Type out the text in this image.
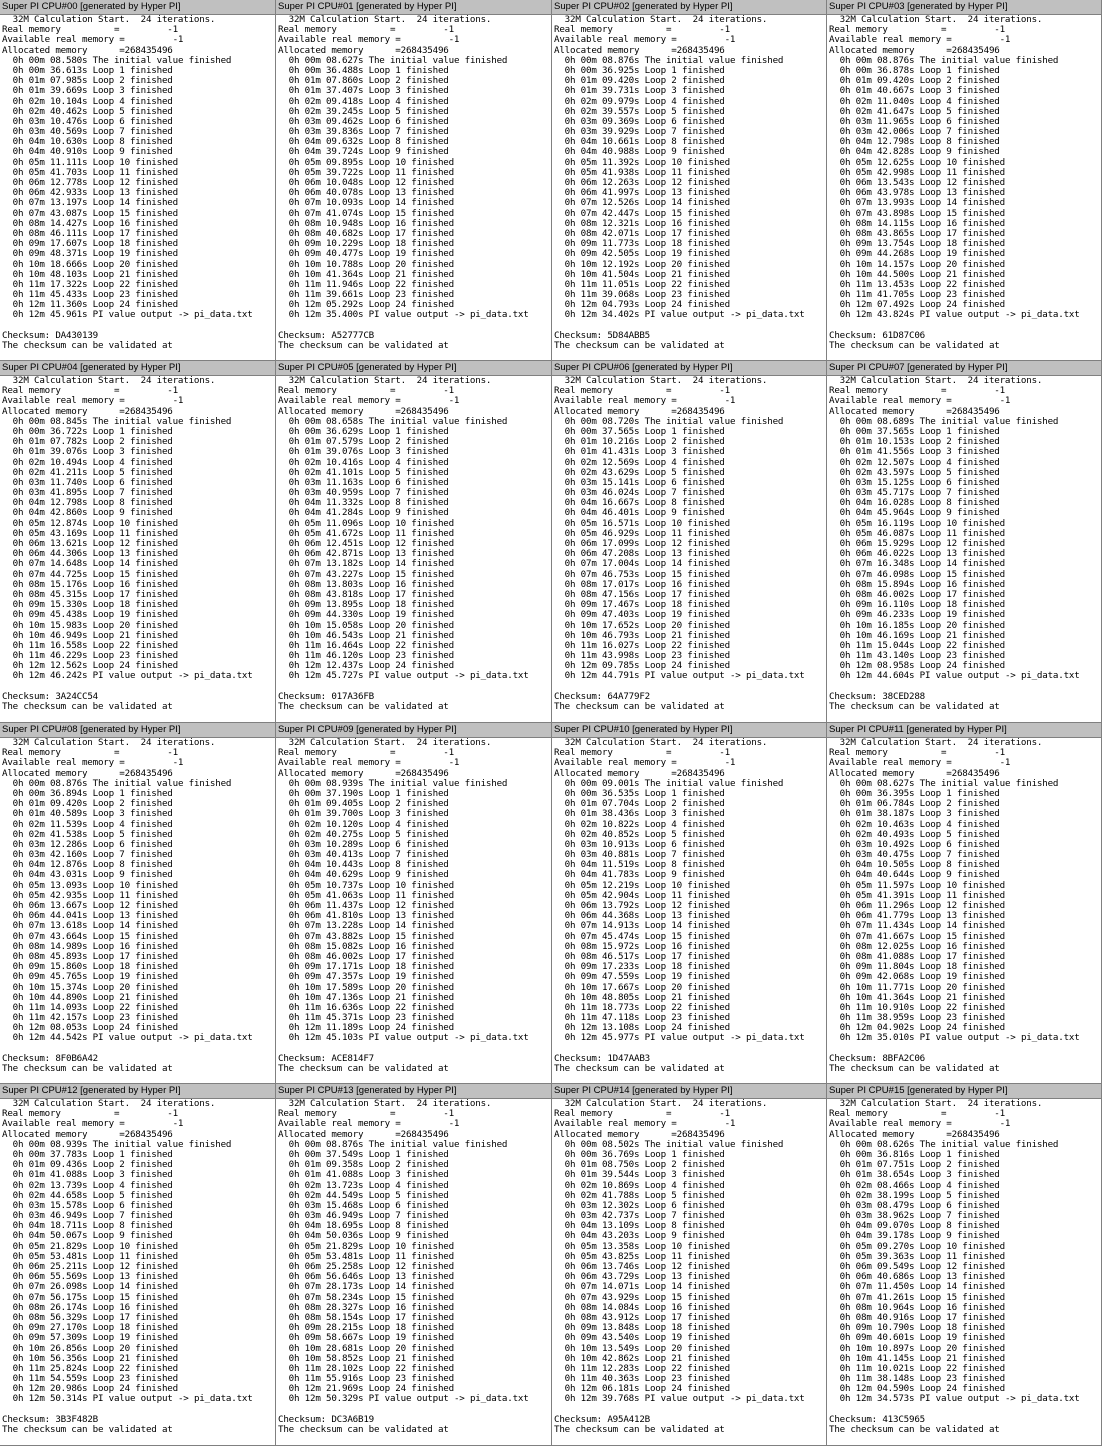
Super PI CPU#00 [generated by Hyper PI]
32M Calculation Start.  24 iterations.
Real memory          =         -1
Available real memory =         -1
Allocated memory      =268435496
0h 00m 08.580s The initial value finished
0h 00m 36.613s Loop 1 finished
0h 01m 07.985s Loop 2 finished
0h 01m 39.669s Loop 3 finished
0h 02m 10.104s Loop 4 finished
0h 02m 40.462s Loop 5 finished
0h 03m 10.476s Loop 6 finished
0h 03m 40.569s Loop 7 finished
0h 04m 10.630s Loop 8 finished
0h 04m 40.910s Loop 9 finished
0h 05m 11.111s Loop 10 finished
0h 05m 41.703s Loop 11 finished
0h 06m 12.778s Loop 12 finished
0h 06m 42.933s Loop 13 finished
0h 07m 13.197s Loop 14 finished
0h 07m 43.087s Loop 15 finished
0h 08m 14.427s Loop 16 finished
0h 08m 46.111s Loop 17 finished
0h 09m 17.607s Loop 18 finished
0h 09m 48.371s Loop 19 finished
0h 10m 18.666s Loop 20 finished
0h 10m 48.103s Loop 21 finished
0h 11m 17.322s Loop 22 finished
0h 11m 45.433s Loop 23 finished
0h 12m 11.360s Loop 24 finished
0h 12m 45.961s PI value output -> pi_data.txt
Checksum: DA430139
The checksum can be validated at
Super PI CPU#01 [generated by Hyper PI]
32M Calculation Start.  24 iterations.
Real memory          =         -1
Available real memory =         -1
Allocated memory      =268435496
0h 00m 08.627s The initial value finished
0h 00m 36.488s Loop 1 finished
0h 01m 07.860s Loop 2 finished
0h 01m 37.407s Loop 3 finished
0h 02m 09.418s Loop 4 finished
0h 02m 39.245s Loop 5 finished
0h 03m 09.462s Loop 6 finished
0h 03m 39.836s Loop 7 finished
0h 04m 09.632s Loop 8 finished
0h 04m 39.724s Loop 9 finished
0h 05m 09.895s Loop 10 finished
0h 05m 39.722s Loop 11 finished
0h 06m 10.048s Loop 12 finished
0h 06m 40.078s Loop 13 finished
0h 07m 10.093s Loop 14 finished
0h 07m 41.074s Loop 15 finished
0h 08m 10.948s Loop 16 finished
0h 08m 40.682s Loop 17 finished
0h 09m 10.229s Loop 18 finished
0h 09m 40.477s Loop 19 finished
0h 10m 10.788s Loop 20 finished
0h 10m 41.364s Loop 21 finished
0h 11m 11.946s Loop 22 finished
0h 11m 39.661s Loop 23 finished
0h 12m 05.292s Loop 24 finished
0h 12m 35.400s PI value output -> pi_data.txt
Checksum: A52777CB
The checksum can be validated at
Super PI CPU#02 [generated by Hyper PI]
32M Calculation Start.  24 iterations.
Real memory          =         -1
Available real memory =         -1
Allocated memory      =268435496
0h 00m 08.876s The initial value finished
0h 00m 36.925s Loop 1 finished
0h 01m 09.420s Loop 2 finished
0h 01m 39.731s Loop 3 finished
0h 02m 09.979s Loop 4 finished
0h 02m 39.557s Loop 5 finished
0h 03m 09.369s Loop 6 finished
0h 03m 39.929s Loop 7 finished
0h 04m 10.661s Loop 8 finished
0h 04m 40.988s Loop 9 finished
0h 05m 11.392s Loop 10 finished
0h 05m 41.938s Loop 11 finished
0h 06m 12.263s Loop 12 finished
0h 06m 41.997s Loop 13 finished
0h 07m 12.526s Loop 14 finished
0h 07m 42.447s Loop 15 finished
0h 08m 12.321s Loop 16 finished
0h 08m 42.071s Loop 17 finished
0h 09m 11.773s Loop 18 finished
0h 09m 42.505s Loop 19 finished
0h 10m 12.192s Loop 20 finished
0h 10m 41.504s Loop 21 finished
0h 11m 11.051s Loop 22 finished
0h 11m 39.068s Loop 23 finished
0h 12m 04.793s Loop 24 finished
0h 12m 34.402s PI value output -> pi_data.txt
Checksum: 5D84ABB5
The checksum can be validated at
Super PI CPU#03 [generated by Hyper PI]
32M Calculation Start.  24 iterations.
Real memory          =         -1
Available real memory =         -1
Allocated memory      =268435496
0h 00m 08.876s The initial value finished
0h 00m 36.878s Loop 1 finished
0h 01m 09.420s Loop 2 finished
0h 01m 40.667s Loop 3 finished
0h 02m 11.040s Loop 4 finished
0h 02m 41.647s Loop 5 finished
0h 03m 11.965s Loop 6 finished
0h 03m 42.006s Loop 7 finished
0h 04m 12.798s Loop 8 finished
0h 04m 42.828s Loop 9 finished
0h 05m 12.625s Loop 10 finished
0h 05m 42.998s Loop 11 finished
0h 06m 13.543s Loop 12 finished
0h 06m 43.978s Loop 13 finished
0h 07m 13.993s Loop 14 finished
0h 07m 43.898s Loop 15 finished
0h 08m 14.115s Loop 16 finished
0h 08m 43.865s Loop 17 finished
0h 09m 13.754s Loop 18 finished
0h 09m 44.268s Loop 19 finished
0h 10m 14.157s Loop 20 finished
0h 10m 44.500s Loop 21 finished
0h 11m 13.453s Loop 22 finished
0h 11m 41.705s Loop 23 finished
0h 12m 07.492s Loop 24 finished
0h 12m 43.824s PI value output -> pi_data.txt
Checksum: 61D87C06
The checksum can be validated at
Super PI CPU#04 [generated by Hyper PI]
32M Calculation Start.  24 iterations.
Real memory          =         -1
Available real memory =         -1
Allocated memory      =268435496
0h 00m 08.845s The initial value finished
0h 00m 36.722s Loop 1 finished
0h 01m 07.782s Loop 2 finished
0h 01m 39.076s Loop 3 finished
0h 02m 10.494s Loop 4 finished
0h 02m 41.211s Loop 5 finished
0h 03m 11.740s Loop 6 finished
0h 03m 41.895s Loop 7 finished
0h 04m 12.798s Loop 8 finished
0h 04m 42.860s Loop 9 finished
0h 05m 12.874s Loop 10 finished
0h 05m 43.169s Loop 11 finished
0h 06m 13.621s Loop 12 finished
0h 06m 44.306s Loop 13 finished
0h 07m 14.648s Loop 14 finished
0h 07m 44.725s Loop 15 finished
0h 08m 15.176s Loop 16 finished
0h 08m 45.315s Loop 17 finished
0h 09m 15.330s Loop 18 finished
0h 09m 45.438s Loop 19 finished
0h 10m 15.983s Loop 20 finished
0h 10m 46.949s Loop 21 finished
0h 11m 16.558s Loop 22 finished
0h 11m 46.229s Loop 23 finished
0h 12m 12.562s Loop 24 finished
0h 12m 46.242s PI value output -> pi_data.txt
Checksum: 3A24CC54
The checksum can be validated at
Super PI CPU#05 [generated by Hyper PI]
32M Calculation Start.  24 iterations.
Real memory          =         -1
Available real memory =         -1
Allocated memory      =268435496
0h 00m 08.658s The initial value finished
0h 00m 36.629s Loop 1 finished
0h 01m 07.579s Loop 2 finished
0h 01m 39.076s Loop 3 finished
0h 02m 10.416s Loop 4 finished
0h 02m 41.101s Loop 5 finished
0h 03m 11.163s Loop 6 finished
0h 03m 40.959s Loop 7 finished
0h 04m 11.332s Loop 8 finished
0h 04m 41.284s Loop 9 finished
0h 05m 11.096s Loop 10 finished
0h 05m 41.672s Loop 11 finished
0h 06m 12.451s Loop 12 finished
0h 06m 42.871s Loop 13 finished
0h 07m 13.182s Loop 14 finished
0h 07m 43.227s Loop 15 finished
0h 08m 13.803s Loop 16 finished
0h 08m 43.818s Loop 17 finished
0h 09m 13.895s Loop 18 finished
0h 09m 44.330s Loop 19 finished
0h 10m 15.058s Loop 20 finished
0h 10m 46.543s Loop 21 finished
0h 11m 16.464s Loop 22 finished
0h 11m 46.120s Loop 23 finished
0h 12m 12.437s Loop 24 finished
0h 12m 45.727s PI value output -> pi_data.txt
Checksum: 017A36FB
The checksum can be validated at
Super PI CPU#06 [generated by Hyper PI]
32M Calculation Start.  24 iterations.
Real memory          =         -1
Available real memory =         -1
Allocated memory      =268435496
0h 00m 08.720s The initial value finished
0h 00m 37.565s Loop 1 finished
0h 01m 10.216s Loop 2 finished
0h 01m 41.431s Loop 3 finished
0h 02m 12.569s Loop 4 finished
0h 02m 43.629s Loop 5 finished
0h 03m 15.141s Loop 6 finished
0h 03m 46.024s Loop 7 finished
0h 04m 16.667s Loop 8 finished
0h 04m 46.401s Loop 9 finished
0h 05m 16.571s Loop 10 finished
0h 05m 46.929s Loop 11 finished
0h 06m 17.099s Loop 12 finished
0h 06m 47.208s Loop 13 finished
0h 07m 17.004s Loop 14 finished
0h 07m 46.753s Loop 15 finished
0h 08m 17.017s Loop 16 finished
0h 08m 47.156s Loop 17 finished
0h 09m 17.467s Loop 18 finished
0h 09m 47.403s Loop 19 finished
0h 10m 17.652s Loop 20 finished
0h 10m 46.793s Loop 21 finished
0h 11m 16.027s Loop 22 finished
0h 11m 43.998s Loop 23 finished
0h 12m 09.785s Loop 24 finished
0h 12m 44.791s PI value output -> pi_data.txt
Checksum: 64A779F2
The checksum can be validated at
Super PI CPU#07 [generated by Hyper PI]
32M Calculation Start.  24 iterations.
Real memory          =         -1
Available real memory =         -1
Allocated memory      =268435496
0h 00m 08.689s The initial value finished
0h 00m 37.565s Loop 1 finished
0h 01m 10.153s Loop 2 finished
0h 01m 41.556s Loop 3 finished
0h 02m 12.507s Loop 4 finished
0h 02m 43.597s Loop 5 finished
0h 03m 15.125s Loop 6 finished
0h 03m 45.717s Loop 7 finished
0h 04m 16.028s Loop 8 finished
0h 04m 45.964s Loop 9 finished
0h 05m 16.119s Loop 10 finished
0h 05m 46.087s Loop 11 finished
0h 06m 15.929s Loop 12 finished
0h 06m 46.022s Loop 13 finished
0h 07m 16.348s Loop 14 finished
0h 07m 46.098s Loop 15 finished
0h 08m 15.894s Loop 16 finished
0h 08m 46.002s Loop 17 finished
0h 09m 16.110s Loop 18 finished
0h 09m 46.233s Loop 19 finished
0h 10m 16.185s Loop 20 finished
0h 10m 46.169s Loop 21 finished
0h 11m 15.044s Loop 22 finished
0h 11m 43.140s Loop 23 finished
0h 12m 08.958s Loop 24 finished
0h 12m 44.604s PI value output -> pi_data.txt
Checksum: 38CED288
The checksum can be validated at
Super PI CPU#08 [generated by Hyper PI]
32M Calculation Start.  24 iterations.
Real memory          =         -1
Available real memory =         -1
Allocated memory      =268435496
0h 00m 08.876s The initial value finished
0h 00m 36.894s Loop 1 finished
0h 01m 09.420s Loop 2 finished
0h 01m 40.589s Loop 3 finished
0h 02m 11.539s Loop 4 finished
0h 02m 41.538s Loop 5 finished
0h 03m 12.286s Loop 6 finished
0h 03m 42.160s Loop 7 finished
0h 04m 12.876s Loop 8 finished
0h 04m 43.031s Loop 9 finished
0h 05m 13.093s Loop 10 finished
0h 05m 42.935s Loop 11 finished
0h 06m 13.667s Loop 12 finished
0h 06m 44.041s Loop 13 finished
0h 07m 13.618s Loop 14 finished
0h 07m 43.664s Loop 15 finished
0h 08m 14.989s Loop 16 finished
0h 08m 45.893s Loop 17 finished
0h 09m 15.860s Loop 18 finished
0h 09m 45.765s Loop 19 finished
0h 10m 15.374s Loop 20 finished
0h 10m 44.890s Loop 21 finished
0h 11m 14.093s Loop 22 finished
0h 11m 42.157s Loop 23 finished
0h 12m 08.053s Loop 24 finished
0h 12m 44.542s PI value output -> pi_data.txt
Checksum: 8F0B6A42
The checksum can be validated at
Super PI CPU#09 [generated by Hyper PI]
32M Calculation Start.  24 iterations.
Real memory          =         -1
Available real memory =         -1
Allocated memory      =268435496
0h 00m 08.939s The initial value finished
0h 00m 37.190s Loop 1 finished
0h 01m 09.405s Loop 2 finished
0h 01m 39.700s Loop 3 finished
0h 02m 10.120s Loop 4 finished
0h 02m 40.275s Loop 5 finished
0h 03m 10.289s Loop 6 finished
0h 03m 40.413s Loop 7 finished
0h 04m 10.443s Loop 8 finished
0h 04m 40.629s Loop 9 finished
0h 05m 10.737s Loop 10 finished
0h 05m 41.063s Loop 11 finished
0h 06m 11.437s Loop 12 finished
0h 06m 41.810s Loop 13 finished
0h 07m 13.228s Loop 14 finished
0h 07m 43.882s Loop 15 finished
0h 08m 15.082s Loop 16 finished
0h 08m 46.002s Loop 17 finished
0h 09m 17.171s Loop 18 finished
0h 09m 47.357s Loop 19 finished
0h 10m 17.589s Loop 20 finished
0h 10m 47.136s Loop 21 finished
0h 11m 16.636s Loop 22 finished
0h 11m 45.371s Loop 23 finished
0h 12m 11.189s Loop 24 finished
0h 12m 45.103s PI value output -> pi_data.txt
Checksum: ACE814F7
The checksum can be validated at
Super PI CPU#10 [generated by Hyper PI]
32M Calculation Start.  24 iterations.
Real memory          =         -1
Available real memory =         -1
Allocated memory      =268435496
0h 00m 09.001s The initial value finished
0h 00m 36.535s Loop 1 finished
0h 01m 07.704s Loop 2 finished
0h 01m 38.436s Loop 3 finished
0h 02m 10.822s Loop 4 finished
0h 02m 40.852s Loop 5 finished
0h 03m 10.913s Loop 6 finished
0h 03m 40.881s Loop 7 finished
0h 04m 11.519s Loop 8 finished
0h 04m 41.783s Loop 9 finished
0h 05m 12.219s Loop 10 finished
0h 05m 42.904s Loop 11 finished
0h 06m 13.792s Loop 12 finished
0h 06m 44.368s Loop 13 finished
0h 07m 14.913s Loop 14 finished
0h 07m 45.474s Loop 15 finished
0h 08m 15.972s Loop 16 finished
0h 08m 46.517s Loop 17 finished
0h 09m 17.233s Loop 18 finished
0h 09m 47.559s Loop 19 finished
0h 10m 17.667s Loop 20 finished
0h 10m 48.805s Loop 21 finished
0h 11m 18.773s Loop 22 finished
0h 11m 47.118s Loop 23 finished
0h 12m 13.108s Loop 24 finished
0h 12m 45.977s PI value output -> pi_data.txt
Checksum: 1D47AAB3
The checksum can be validated at
Super PI CPU#11 [generated by Hyper PI]
32M Calculation Start.  24 iterations.
Real memory          =         -1
Available real memory =         -1
Allocated memory      =268435496
0h 00m 08.627s The initial value finished
0h 00m 36.395s Loop 1 finished
0h 01m 06.784s Loop 2 finished
0h 01m 38.187s Loop 3 finished
0h 02m 10.463s Loop 4 finished
0h 02m 40.493s Loop 5 finished
0h 03m 10.492s Loop 6 finished
0h 03m 40.475s Loop 7 finished
0h 04m 10.505s Loop 8 finished
0h 04m 40.644s Loop 9 finished
0h 05m 11.597s Loop 10 finished
0h 05m 41.391s Loop 11 finished
0h 06m 11.296s Loop 12 finished
0h 06m 41.779s Loop 13 finished
0h 07m 11.434s Loop 14 finished
0h 07m 41.667s Loop 15 finished
0h 08m 12.025s Loop 16 finished
0h 08m 41.088s Loop 17 finished
0h 09m 11.804s Loop 18 finished
0h 09m 42.068s Loop 19 finished
0h 10m 11.771s Loop 20 finished
0h 10m 41.364s Loop 21 finished
0h 11m 10.910s Loop 22 finished
0h 11m 38.959s Loop 23 finished
0h 12m 04.902s Loop 24 finished
0h 12m 35.010s PI value output -> pi_data.txt
Checksum: 8BFA2C06
The checksum can be validated at
Super PI CPU#12 [generated by Hyper PI]
32M Calculation Start.  24 iterations.
Real memory          =         -1
Available real memory =         -1
Allocated memory      =268435496
0h 00m 08.939s The initial value finished
0h 00m 37.783s Loop 1 finished
0h 01m 09.436s Loop 2 finished
0h 01m 41.088s Loop 3 finished
0h 02m 13.739s Loop 4 finished
0h 02m 44.658s Loop 5 finished
0h 03m 15.578s Loop 6 finished
0h 03m 46.949s Loop 7 finished
0h 04m 18.711s Loop 8 finished
0h 04m 50.067s Loop 9 finished
0h 05m 21.829s Loop 10 finished
0h 05m 53.481s Loop 11 finished
0h 06m 25.211s Loop 12 finished
0h 06m 55.569s Loop 13 finished
0h 07m 26.098s Loop 14 finished
0h 07m 56.175s Loop 15 finished
0h 08m 26.174s Loop 16 finished
0h 08m 56.329s Loop 17 finished
0h 09m 27.170s Loop 18 finished
0h 09m 57.309s Loop 19 finished
0h 10m 26.856s Loop 20 finished
0h 10m 56.356s Loop 21 finished
0h 11m 25.824s Loop 22 finished
0h 11m 54.559s Loop 23 finished
0h 12m 20.986s Loop 24 finished
0h 12m 50.314s PI value output -> pi_data.txt
Checksum: 3B3F482B
The checksum can be validated at
Super PI CPU#13 [generated by Hyper PI]
32M Calculation Start.  24 iterations.
Real memory          =         -1
Available real memory =         -1
Allocated memory      =268435496
0h 00m 08.876s The initial value finished
0h 00m 37.549s Loop 1 finished
0h 01m 09.358s Loop 2 finished
0h 01m 41.088s Loop 3 finished
0h 02m 13.723s Loop 4 finished
0h 02m 44.549s Loop 5 finished
0h 03m 15.468s Loop 6 finished
0h 03m 46.949s Loop 7 finished
0h 04m 18.695s Loop 8 finished
0h 04m 50.036s Loop 9 finished
0h 05m 21.829s Loop 10 finished
0h 05m 53.481s Loop 11 finished
0h 06m 25.258s Loop 12 finished
0h 06m 56.646s Loop 13 finished
0h 07m 28.173s Loop 14 finished
0h 07m 58.234s Loop 15 finished
0h 08m 28.327s Loop 16 finished
0h 08m 58.154s Loop 17 finished
0h 09m 28.215s Loop 18 finished
0h 09m 58.667s Loop 19 finished
0h 10m 28.681s Loop 20 finished
0h 10m 58.852s Loop 21 finished
0h 11m 28.102s Loop 22 finished
0h 11m 55.916s Loop 23 finished
0h 12m 21.969s Loop 24 finished
0h 12m 50.329s PI value output -> pi_data.txt
Checksum: DC3A6B19
The checksum can be validated at
Super PI CPU#14 [generated by Hyper PI]
32M Calculation Start.  24 iterations.
Real memory          =         -1
Available real memory =         -1
Allocated memory      =268435496
0h 00m 08.502s The initial value finished
0h 00m 36.769s Loop 1 finished
0h 01m 08.750s Loop 2 finished
0h 01m 39.544s Loop 3 finished
0h 02m 10.869s Loop 4 finished
0h 02m 41.788s Loop 5 finished
0h 03m 12.302s Loop 6 finished
0h 03m 42.737s Loop 7 finished
0h 04m 13.109s Loop 8 finished
0h 04m 43.203s Loop 9 finished
0h 05m 13.358s Loop 10 finished
0h 05m 43.825s Loop 11 finished
0h 06m 13.746s Loop 12 finished
0h 06m 43.729s Loop 13 finished
0h 07m 14.071s Loop 14 finished
0h 07m 43.929s Loop 15 finished
0h 08m 14.084s Loop 16 finished
0h 08m 43.912s Loop 17 finished
0h 09m 13.848s Loop 18 finished
0h 09m 43.540s Loop 19 finished
0h 10m 13.549s Loop 20 finished
0h 10m 42.862s Loop 21 finished
0h 11m 12.283s Loop 22 finished
0h 11m 40.363s Loop 23 finished
0h 12m 06.181s Loop 24 finished
0h 12m 39.768s PI value output -> pi_data.txt
Checksum: A95A412B
The checksum can be validated at
Super PI CPU#15 [generated by Hyper PI]
32M Calculation Start.  24 iterations.
Real memory          =         -1
Available real memory =         -1
Allocated memory      =268435496
0h 00m 08.626s The initial value finished
0h 00m 36.816s Loop 1 finished
0h 01m 07.751s Loop 2 finished
0h 01m 38.654s Loop 3 finished
0h 02m 08.466s Loop 4 finished
0h 02m 38.199s Loop 5 finished
0h 03m 08.479s Loop 6 finished
0h 03m 38.962s Loop 7 finished
0h 04m 09.070s Loop 8 finished
0h 04m 39.178s Loop 9 finished
0h 05m 09.270s Loop 10 finished
0h 05m 39.363s Loop 11 finished
0h 06m 09.549s Loop 12 finished
0h 06m 40.686s Loop 13 finished
0h 07m 11.450s Loop 14 finished
0h 07m 41.261s Loop 15 finished
0h 08m 10.964s Loop 16 finished
0h 08m 40.916s Loop 17 finished
0h 09m 10.790s Loop 18 finished
0h 09m 40.601s Loop 19 finished
0h 10m 10.897s Loop 20 finished
0h 10m 41.145s Loop 21 finished
0h 11m 10.021s Loop 22 finished
0h 11m 38.148s Loop 23 finished
0h 12m 04.590s Loop 24 finished
0h 12m 34.573s PI value output -> pi_data.txt
Checksum: 413C5965
The checksum can be validated at
